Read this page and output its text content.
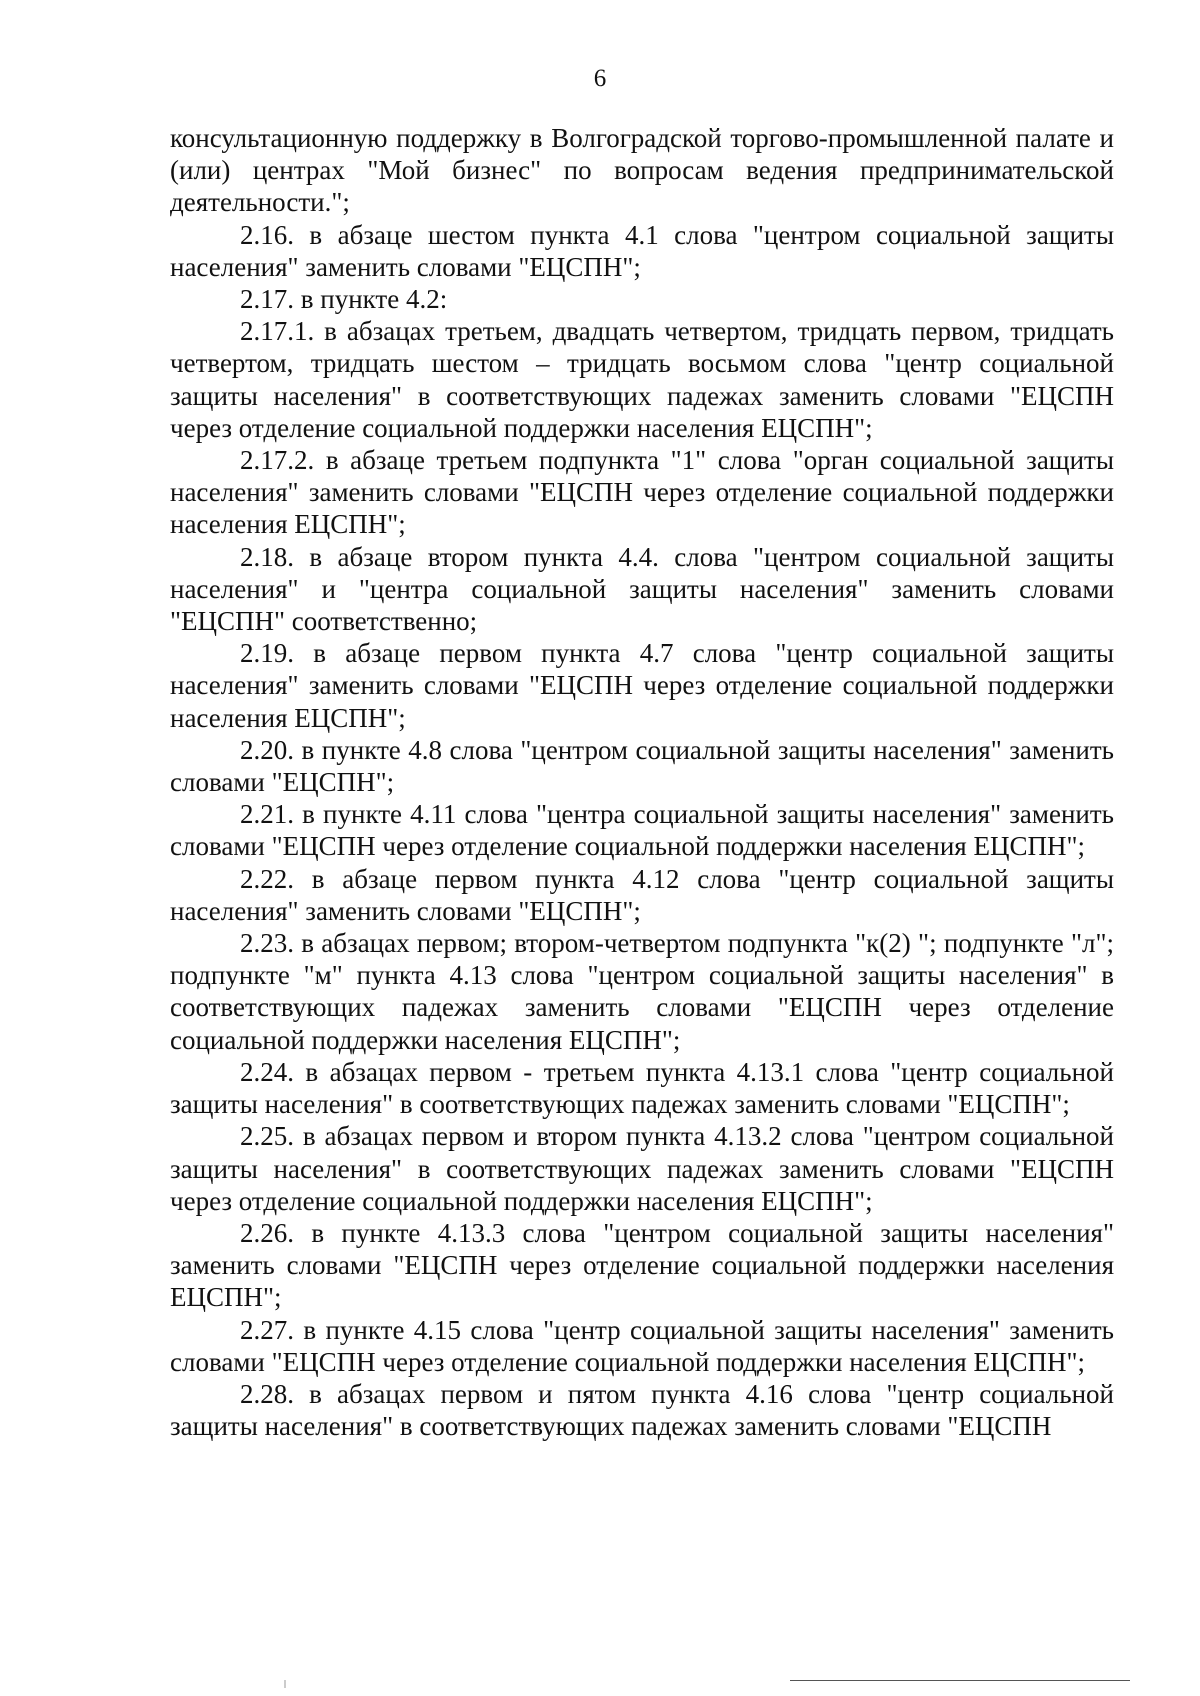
6

консультационную поддержку в Волгоградской торгово-промышленной палате и (или) центрах "Мой бизнес" по вопросам ведения предпринимательской деятельности.";

2.16. в абзаце шестом пункта 4.1 слова "центром социальной защиты населения" заменить словами "ЕЦСПН";

2.17. в пункте 4.2:

2.17.1. в абзацах третьем, двадцать четвертом, тридцать первом, тридцать четвертом, тридцать шестом – тридцать восьмом слова "центр социальной защиты населения" в соответствующих падежах заменить словами "ЕЦСПН через отделение социальной поддержки населения ЕЦСПН";

2.17.2. в абзаце третьем подпункта "1" слова "орган социальной защиты населения" заменить словами "ЕЦСПН через отделение социальной поддержки населения ЕЦСПН";

2.18. в абзаце втором пункта 4.4. слова "центром социальной защиты населения" и "центра социальной защиты населения" заменить словами "ЕЦСПН" соответственно;

2.19. в абзаце первом пункта 4.7 слова "центр социальной защиты населения" заменить словами "ЕЦСПН через отделение социальной поддержки населения ЕЦСПН";

2.20. в пункте 4.8 слова "центром социальной защиты населения" заменить словами "ЕЦСПН";

2.21. в пункте 4.11 слова "центра социальной защиты населения" заменить словами "ЕЦСПН через отделение социальной поддержки населения ЕЦСПН";

2.22. в абзаце первом пункта 4.12 слова "центр социальной защиты населения" заменить словами "ЕЦСПН";

2.23. в абзацах первом; втором-четвертом подпункта "к(2) "; подпункте "л"; подпункте "м" пункта 4.13 слова "центром социальной защиты населения" в соответствующих падежах заменить словами "ЕЦСПН через отделение социальной поддержки населения ЕЦСПН";

2.24. в абзацах первом - третьем пункта 4.13.1 слова "центр социальной защиты населения" в соответствующих падежах заменить словами "ЕЦСПН";

2.25. в абзацах первом и втором пункта 4.13.2 слова "центром социальной защиты населения" в соответствующих падежах заменить словами "ЕЦСПН через отделение социальной поддержки населения ЕЦСПН";

2.26. в пункте 4.13.3 слова "центром социальной защиты населения" заменить словами "ЕЦСПН через отделение социальной поддержки населения ЕЦСПН";

2.27. в пункте 4.15 слова "центр социальной защиты населения" заменить словами "ЕЦСПН через отделение социальной поддержки населения ЕЦСПН";

2.28. в абзацах первом и пятом пункта 4.16 слова "центр социальной защиты населения" в соответствующих падежах заменить словами "ЕЦСПН
